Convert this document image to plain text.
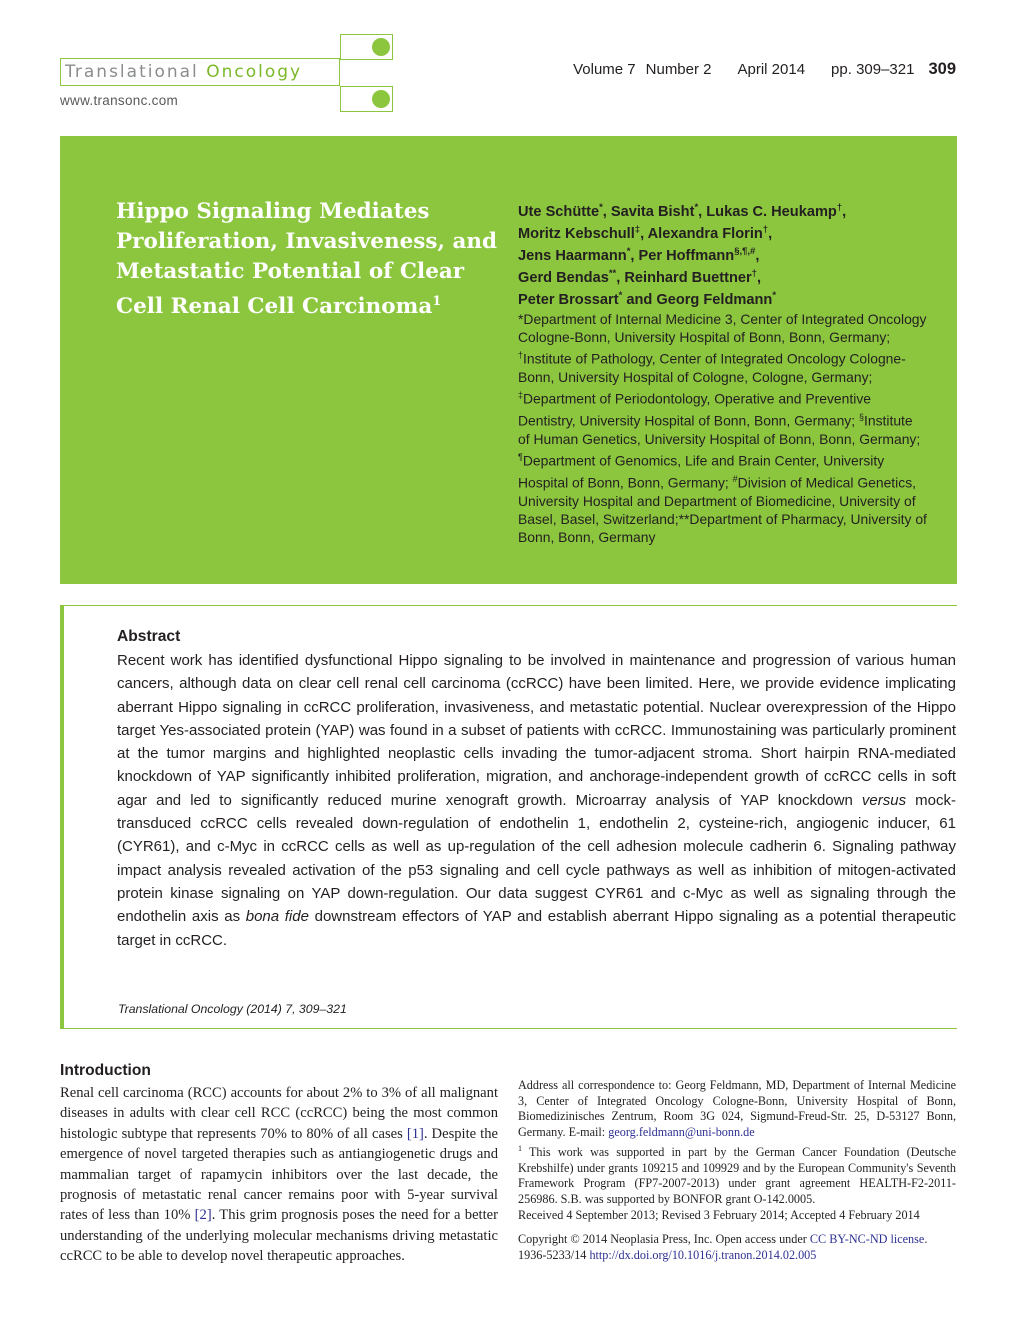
Translational Oncology
www.transonc.com
Volume 7 Number 2 April 2014 pp. 309–321 309
Hippo Signaling Mediates Proliferation, Invasiveness, and Metastatic Potential of Clear Cell Renal Cell Carcinoma$^1$
Ute Schütte*, Savita Bisht*, Lukas C. Heukamp†,
Moritz Kebschull‡, Alexandra Florin†,
Jens Haarmann*, Per Hoffmann§,¶,#,
Gerd Bendas**, Reinhard Buettner†,
Peter Brossart* and Georg Feldmann*
*Department of Internal Medicine 3, Center of Integrated Oncology Cologne-Bonn, University Hospital of Bonn, Bonn, Germany; †Institute of Pathology, Center of Integrated Oncology Cologne-Bonn, University Hospital of Cologne, Cologne, Germany; ‡Department of Periodontology, Operative and Preventive Dentistry, University Hospital of Bonn, Bonn, Germany; §Institute of Human Genetics, University Hospital of Bonn, Bonn, Germany; ¶Department of Genomics, Life and Brain Center, University Hospital of Bonn, Bonn, Germany; #Division of Medical Genetics, University Hospital and Department of Biomedicine, University of Basel, Basel, Switzerland;**Department of Pharmacy, University of Bonn, Bonn, Germany
Abstract

Recent work has identified dysfunctional Hippo signaling to be involved in maintenance and progression of various human cancers, although data on clear cell renal cell carcinoma (ccRCC) have been limited. Here, we provide evidence implicating aberrant Hippo signaling in ccRCC proliferation, invasiveness, and metastatic potential. Nuclear overexpression of the Hippo target Yes-associated protein (YAP) was found in a subset of patients with ccRCC. Immunostaining was particularly prominent at the tumor margins and highlighted neoplastic cells invading the tumor-adjacent stroma. Short hairpin RNA-mediated knockdown of YAP significantly inhibited proliferation, migration, and anchorage-independent growth of ccRCC cells in soft agar and led to significantly reduced murine xenograft growth. Microarray analysis of YAP knockdown versus mock-transduced ccRCC cells revealed down-regulation of endothelin 1, endothelin 2, cysteine-rich, angiogenic inducer, 61 (CYR61), and c-Myc in ccRCC cells as well as up-regulation of the cell adhesion molecule cadherin 6. Signaling pathway impact analysis revealed activation of the p53 signaling and cell cycle pathways as well as inhibition of mitogen-activated protein kinase signaling on YAP down-regulation. Our data suggest CYR61 and c-Myc as well as signaling through the endothelin axis as bona fide downstream effectors of YAP and establish aberrant Hippo signaling as a potential therapeutic target in ccRCC.

Translational Oncology (2014) 7, 309–321

Introduction

Renal cell carcinoma (RCC) accounts for about 2% to 3% of all malignant diseases in adults with clear cell RCC (ccRCC) being the most common histologic subtype that represents 70% to 80% of all cases [1]. Despite the emergence of novel targeted therapies such as antiangiogenetic drugs and mammalian target of rapamycin inhibitors over the last decade, the prognosis of metastatic renal cancer remains poor with 5-year survival rates of less than 10% [2]. This grim prognosis poses the need for a better understanding of the underlying molecular mechanisms driving metastatic ccRCC to be able to develop novel therapeutic approaches.

Address all correspondence to: Georg Feldmann, MD, Department of Internal Medicine 3, Center of Integrated Oncology Cologne-Bonn, University Hospital of Bonn, Biomedizinisches Zentrum, Room 3G 024, Sigmund-Freud-Str. 25, D-53127 Bonn, Germany. E-mail: georg.feldmann@uni-bonn.de

$^1$ This work was supported in part by the German Cancer Foundation (Deutsche Krebshilfe) under grants 109215 and 109929 and by the European Community's Seventh Framework Program (FP7-2007-2013) under grant agreement HEALTH-F2-2011-256986. S.B. was supported by BONFOR grant O-142.0005.

Received 4 September 2013; Revised 3 February 2014; Accepted 4 February 2014

Copyright © 2014 Neoplasia Press, Inc. Open access under CC BY-NC-ND license.
1936-5233/14 http://dx.doi.org/10.1016/j.tranon.2014.02.005
